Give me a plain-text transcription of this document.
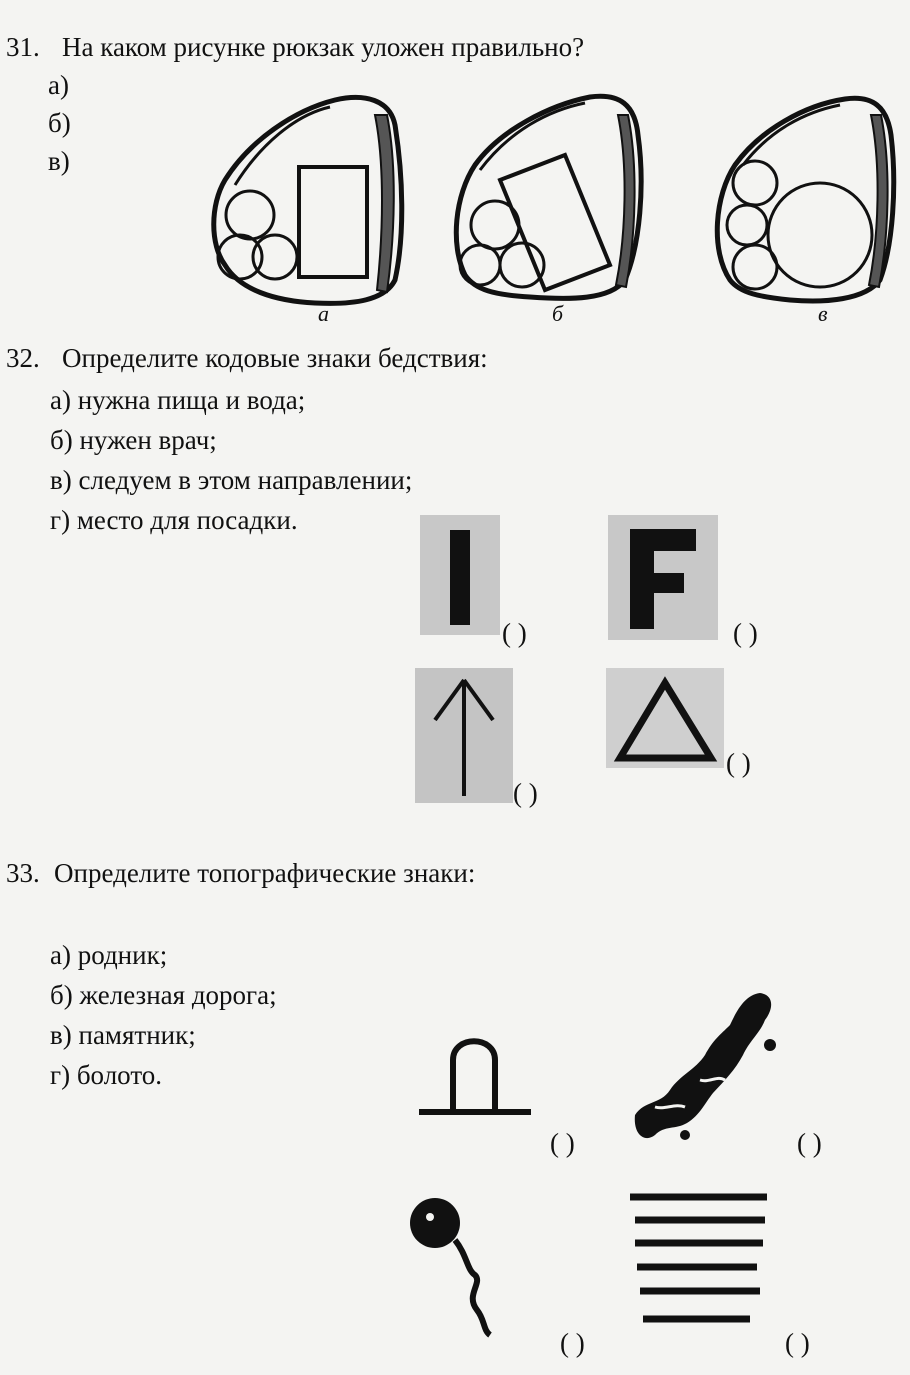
31. На каком рисунке рюкзак уложен правильно?
а)
б)
в)
а	б	в
32. Определите кодовые знаки бедствия:
а) нужна пища и вода;
б) нужен врач;
в) следуем в этом направлении;
г) место для посадки.
( )	( )
( )
( )
33. Определите топографические знаки:
а) родник;
б) железная дорога;
в) памятник;
г) болото.
( )	( )
( )	( )
